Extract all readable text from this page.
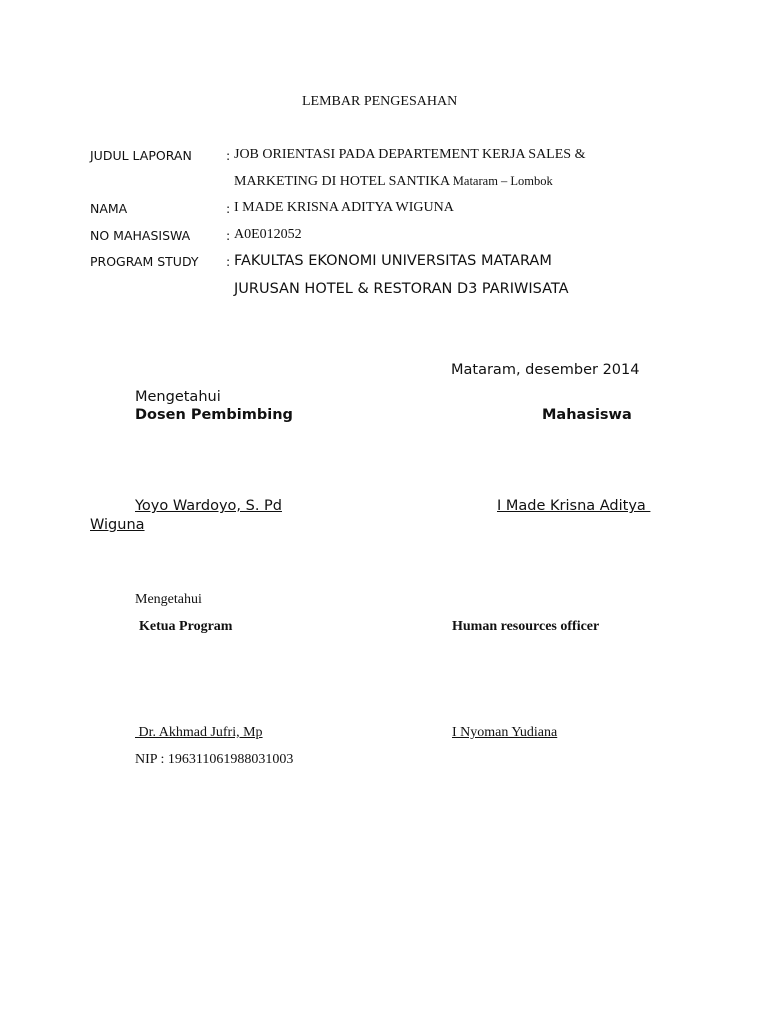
LEMBAR PENGESAHAN
JUDUL LAPORAN	: JOB ORIENTASI PADA DEPARTEMENT KERJA SALES &
MARKETING DI HOTEL SANTIKA Mataram – Lombok
NAMA	: I MADE KRISNA ADITYA WIGUNA
NO MAHASISWA	: A0E012052
PROGRAM STUDY : FAKULTAS EKONOMI UNIVERSITAS MATARAM
JURUSAN HOTEL & RESTORAN D3 PARIWISATA
Mataram, desember 2014
Mengetahui
Dosen Pembimbing	Mahasiswa
Yoyo Wardoyo, S. Pd	I Made Krisna Aditya
Wiguna
Mengetahui
Ketua Program	Human resources officer
Dr. Akhmad Jufri, Mp	I Nyoman Yudiana
NIP : 196311061988031003
